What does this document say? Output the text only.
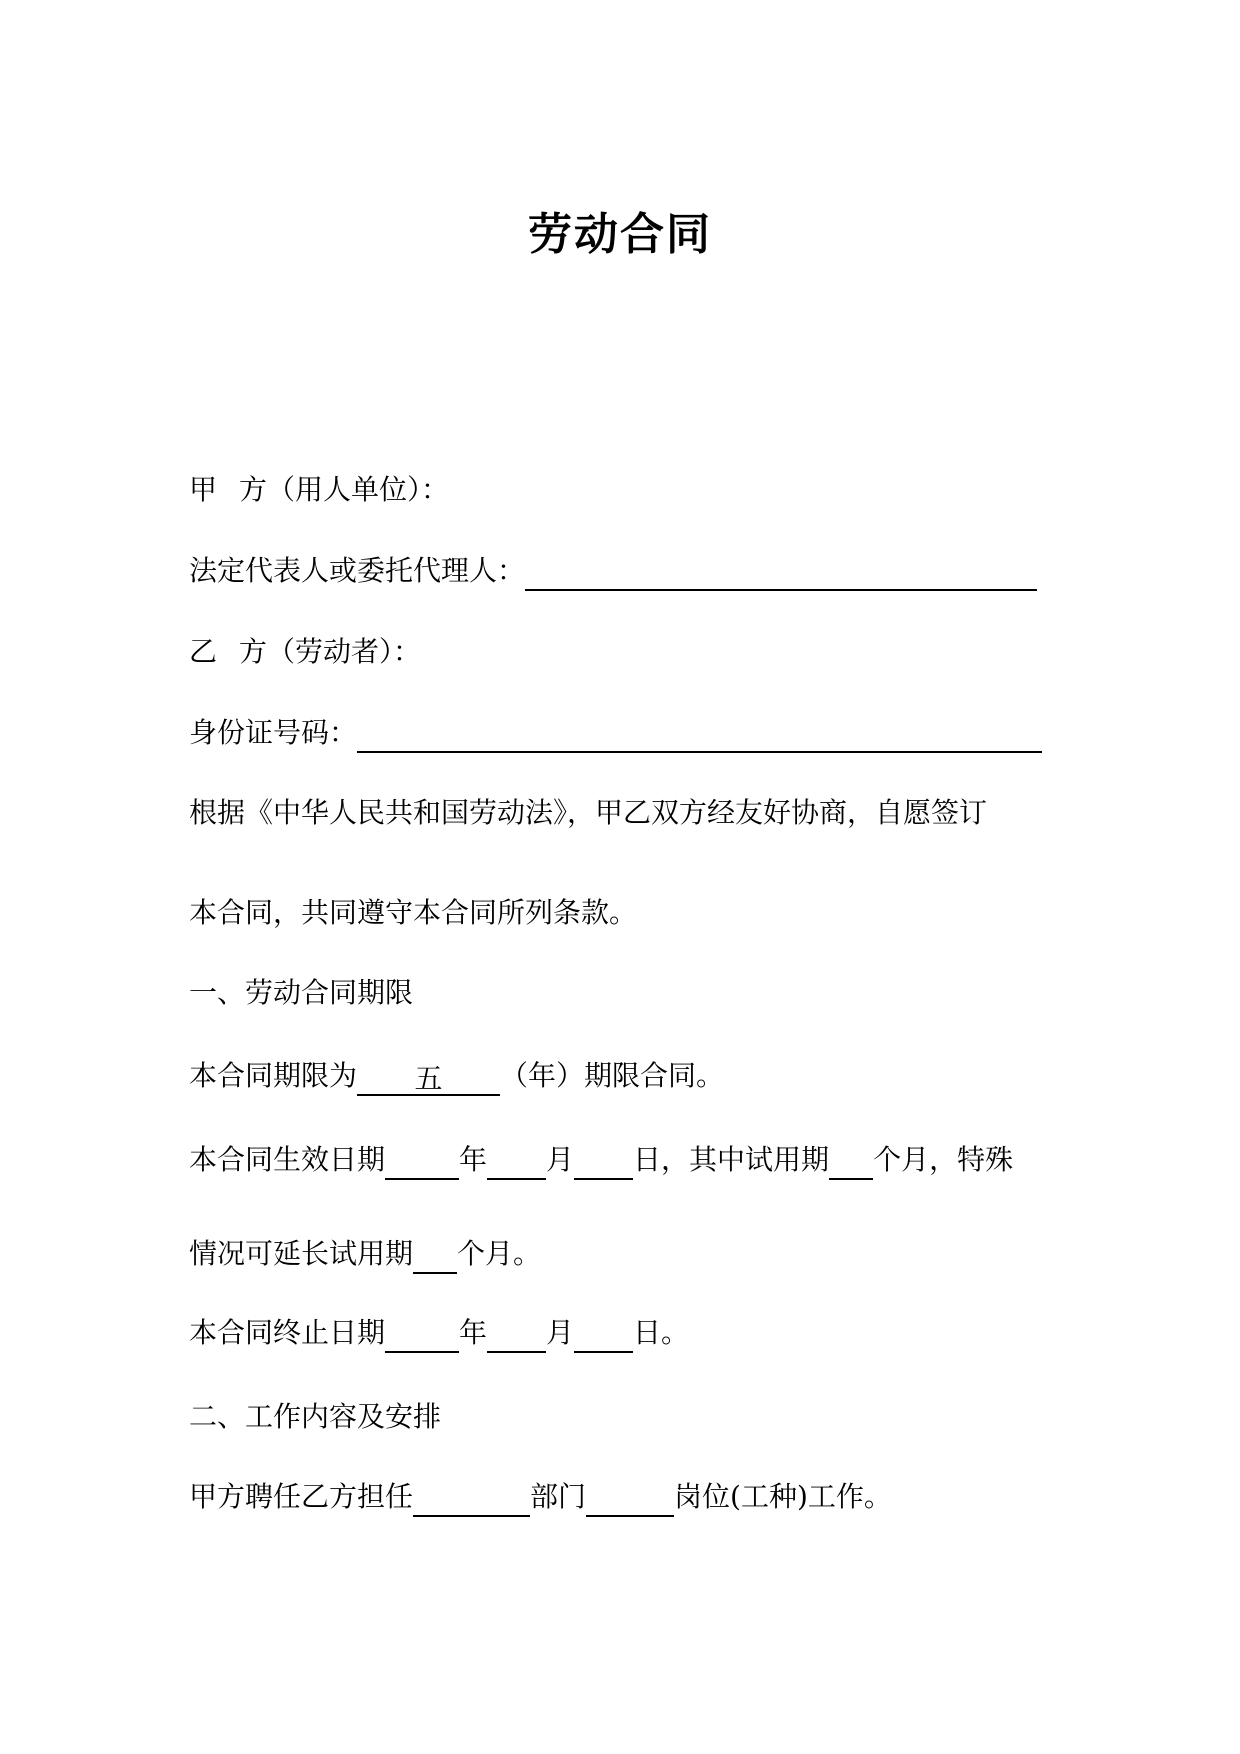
劳动合同
甲 方（用人单位）：
法定代表人或委托代理人：
乙 方（劳动者）：
身份证号码：
根据《中华人民共和国劳动法》，甲乙双方经友好协商，自愿签订
本合同，共同遵守本合同所列条款。
一、劳动合同期限
本合同期限为 五 （年）期限合同。
本合同生效日期	年 月 日，其中试用期 个月，特殊
情况可延长试用期 个月。
本合同终止日期	年 月 日。
二、工作内容及安排
甲方聘任乙方担任	部门	岗位(工种)工作。
